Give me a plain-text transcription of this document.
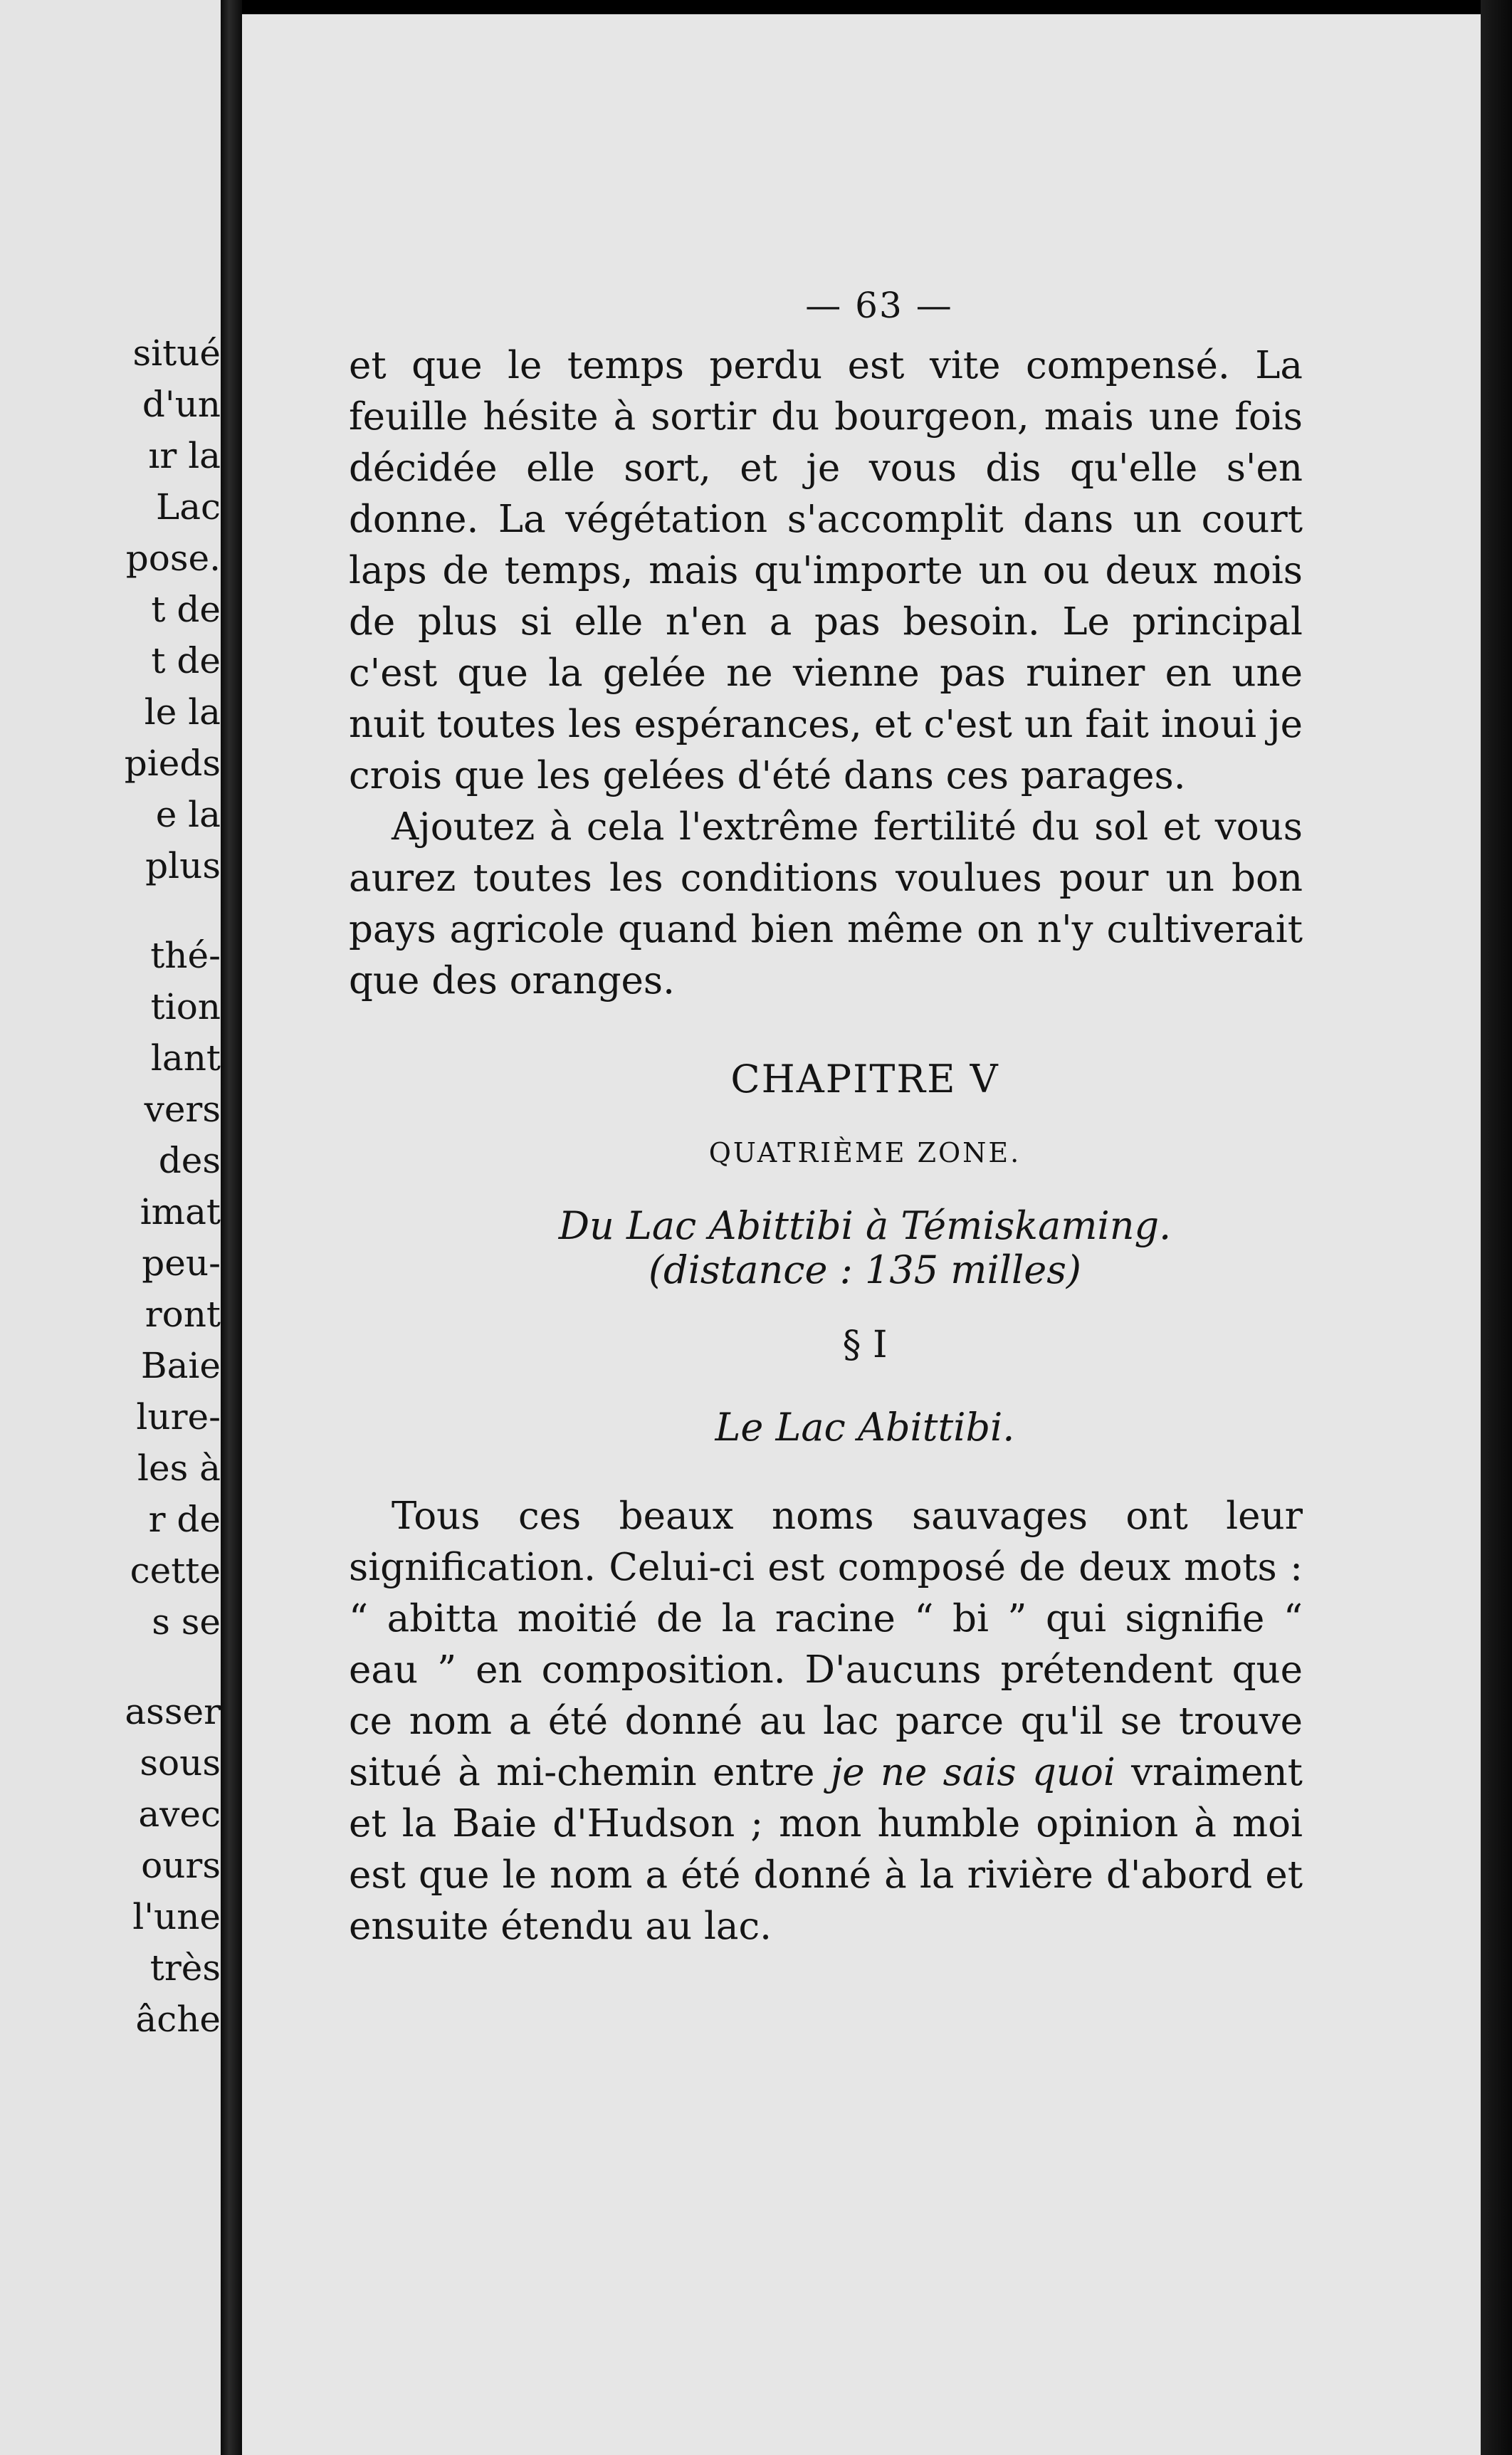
situé
d'un
ır la
Lac
pose.
t de
t de
le la
pieds
e la
plus
thé-
tion
lant
vers
des
imat
peu-
ront
Baie
lure-
les à
r de
cette
s se
asser
sous
avec
ours
l'une
très
âche
— 63 —

et que le temps perdu est vite compensé. La feuille hésite à sortir du bourgeon, mais une fois décidée elle sort, et je vous dis qu'elle s'en donne. La végétation s'accomplit dans un court laps de temps, mais qu'importe un ou deux mois de plus si elle n'en a pas besoin. Le principal c'est que la gelée ne vienne pas ruiner en une nuit toutes les espérances, et c'est un fait inoui je crois que les gelées d'été dans ces parages.

Ajoutez à cela l'extrême fertilité du sol et vous aurez toutes les conditions voulues pour un bon pays agricole quand bien même on n'y cultiverait que des oranges.

CHAPITRE V
QUATRIÈME ZONE.
Du Lac Abittibi à Témiskaming.
(distance : 135 milles)
§ I
Le Lac Abittibi.

Tous ces beaux noms sauvages ont leur signification. Celui-ci est composé de deux mots : “ abitta moitié de la racine “ bi ” qui signifie “ eau ” en composition. D'aucuns prétendent que ce nom a été donné au lac parce qu'il se trouve situé à mi-chemin entre je ne sais quoi vraiment et la Baie d'Hudson ; mon humble opinion à moi est que le nom a été donné à la rivière d'abord et ensuite étendu au lac.
